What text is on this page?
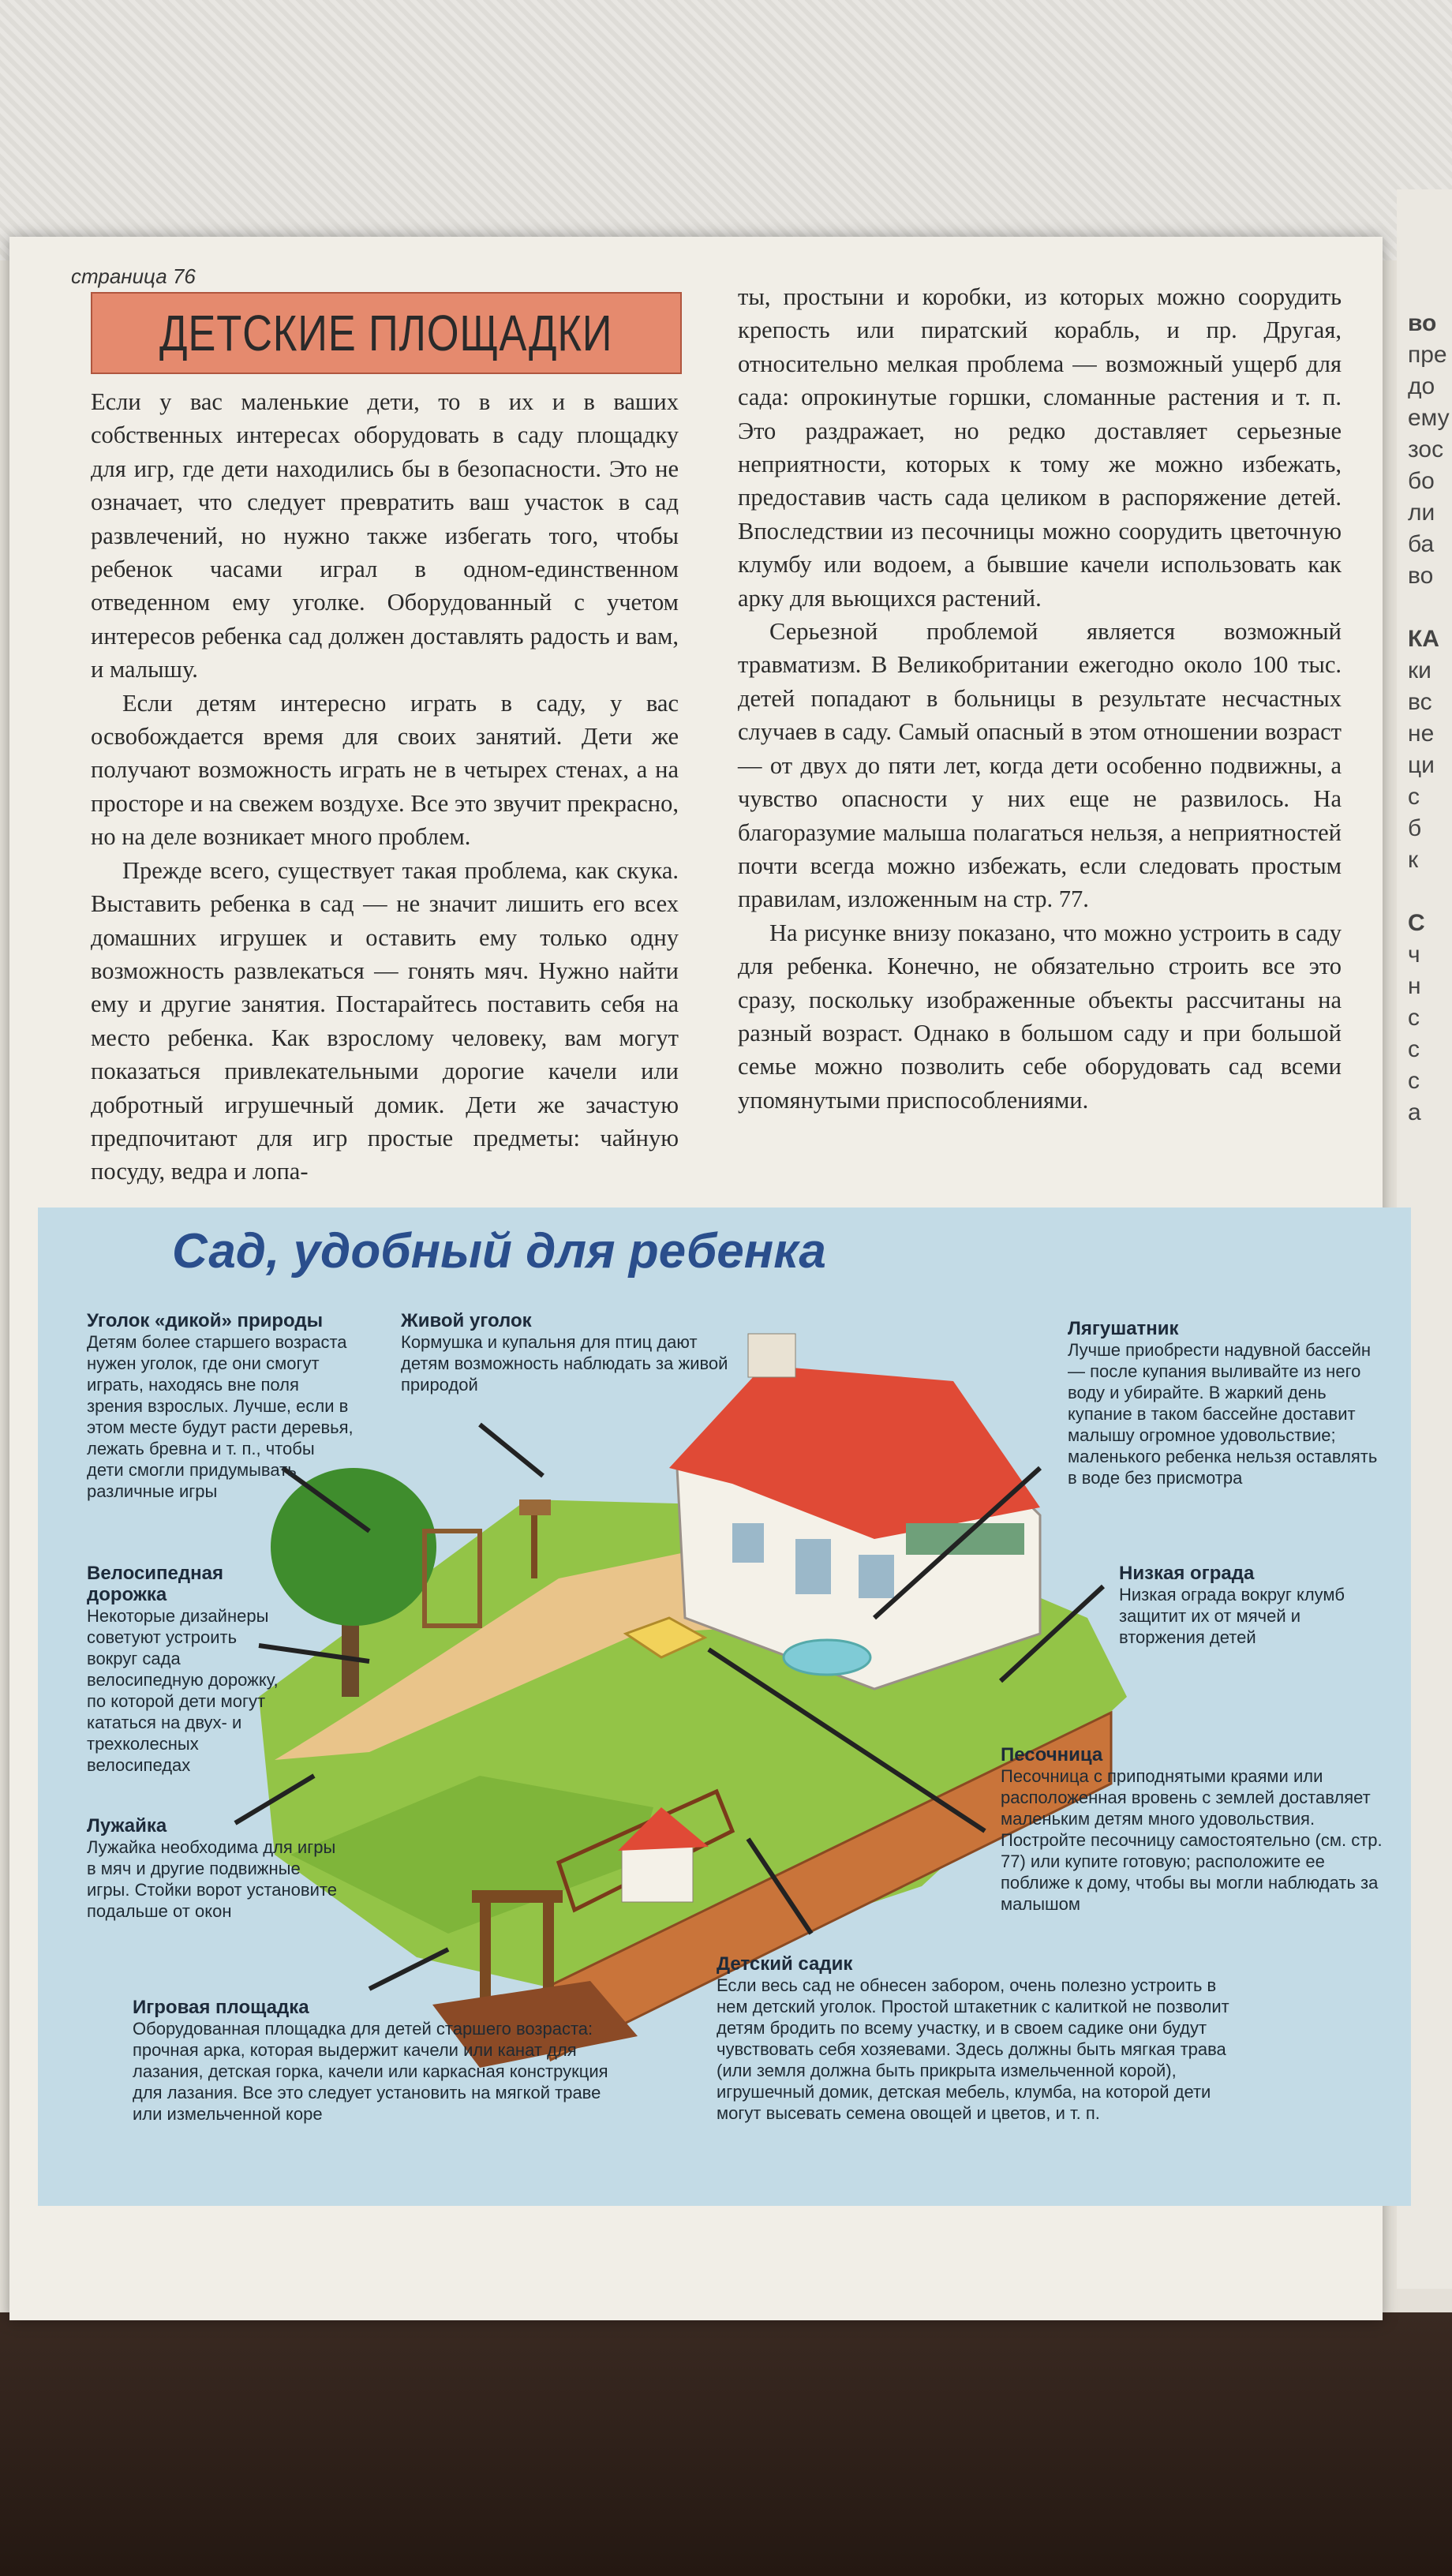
во
пре
до
ему
зос
бо
ли
ба
во

КА
ки
вс
не
ци
с
б
к

С
ч
н
с
с
с
а
страница 76
ДЕТСКИЕ ПЛОЩАДКИ

Если у вас маленькие дети, то в их и в ваших собственных интересах оборудовать в саду площадку для игр, где дети находились бы в безопасности. Это не означает, что следует превратить ваш участок в сад развлечений, но нужно также избегать того, чтобы ребенок часами играл в одном-единственном отведенном ему уголке. Оборудованный с учетом интересов ребенка сад должен доставлять радость и вам, и малышу.

Если детям интересно играть в саду, у вас освобождается время для своих занятий. Дети же получают возможность играть не в четырех стенах, а на просторе и на свежем воздухе. Все это звучит прекрасно, но на деле возникает много проблем.

Прежде всего, существует такая проблема, как скука. Выставить ребенка в сад — не значит лишить его всех домашних игрушек и оставить ему только одну возможность развлекаться — гонять мяч. Нужно найти ему и другие занятия. Постарайтесь поставить себя на место ребенка. Как взрослому человеку, вам могут показаться привлекательными дорогие качели или добротный игрушечный домик. Дети же зачастую предпочитают для игр простые предметы: чайную посуду, ведра и лопа-

ты, простыни и коробки, из которых можно соорудить крепость или пиратский корабль, и пр. Другая, относительно мелкая проблема — возможный ущерб для сада: опрокинутые горшки, сломанные растения и т. п. Это раздражает, но редко доставляет серьезные неприятности, которых к тому же можно избежать, предоставив часть сада целиком в распоряжение детей. Впоследствии из песочницы можно соорудить цветочную клумбу или водоем, а бывшие качели использовать как арку для вьющихся растений.

Серьезной проблемой является возможный травматизм. В Великобритании ежегодно около 100 тыс. детей попадают в больницы в результате несчастных случаев в саду. Самый опасный в этом отношении возраст — от двух до пяти лет, когда дети особенно подвижны, а чувство опасности у них еще не развилось. На благоразумие малыша полагаться нельзя, а неприятностей почти всегда можно избежать, если следовать простым правилам, изложенным на стр. 77.

На рисунке внизу показано, что можно устроить в саду для ребенка. Конечно, не обязательно строить все это сразу, поскольку изображенные объекты рассчитаны на разный возраст. Однако в большом саду и при большой семье можно позволить себе оборудовать сад всеми упомянутыми приспособлениями.

Сад, удобный для ребенка
Уголок «дикой» природы
Детям более старшего возраста нужен уголок, где они смогут играть, находясь вне поля зрения взрослых. Лучше, если в этом месте будут расти деревья, лежать бревна и т. п., чтобы дети смогли придумывать различные игры
Живой уголок
Кормушка и купальня для птиц дают детям возможность наблюдать за живой природой
Лягушатник
Лучше приобрести надувной бассейн — после купания выливайте из него воду и убирайте. В жаркий день купание в таком бассейне доставит малышу огромное удовольствие; маленького ребенка нельзя оставлять в воде без присмотра
Велосипедная дорожка
Некоторые дизайнеры советуют устроить вокруг сада велосипедную дорожку, по которой дети могут кататься на двух- и трехколесных велосипедах
Низкая ограда
Низкая ограда вокруг клумб защитит их от мячей и вторжения детей
Лужайка
Лужайка необходима для игры в мяч и другие подвижные игры. Стойки ворот установите подальше от окон
Песочница
Песочница с приподнятыми краями или расположенная вровень с землей доставляет маленьким детям много удовольствия. Постройте песочницу самостоятельно (см. стр. 77) или купите готовую; расположите ее поближе к дому, чтобы вы могли наблюдать за малышом
Игровая площадка
Оборудованная площадка для детей старшего возраста: прочная арка, которая выдержит качели или канат для лазания, детская горка, качели или каркасная конструкция для лазания. Все это следует установить на мягкой траве или измельченной коре
Детский садик
Если весь сад не обнесен забором, очень полезно устроить в нем детский уголок. Простой штакетник с калиткой не позволит детям бродить по всему участку, и в своем садике они будут чувствовать себя хозяевами. Здесь должны быть мягкая трава (или земля должна быть прикрыта измельченной корой), игрушечный домик, детская мебель, клумба, на которой дети могут высевать семена овощей и цветов, и т. п.
